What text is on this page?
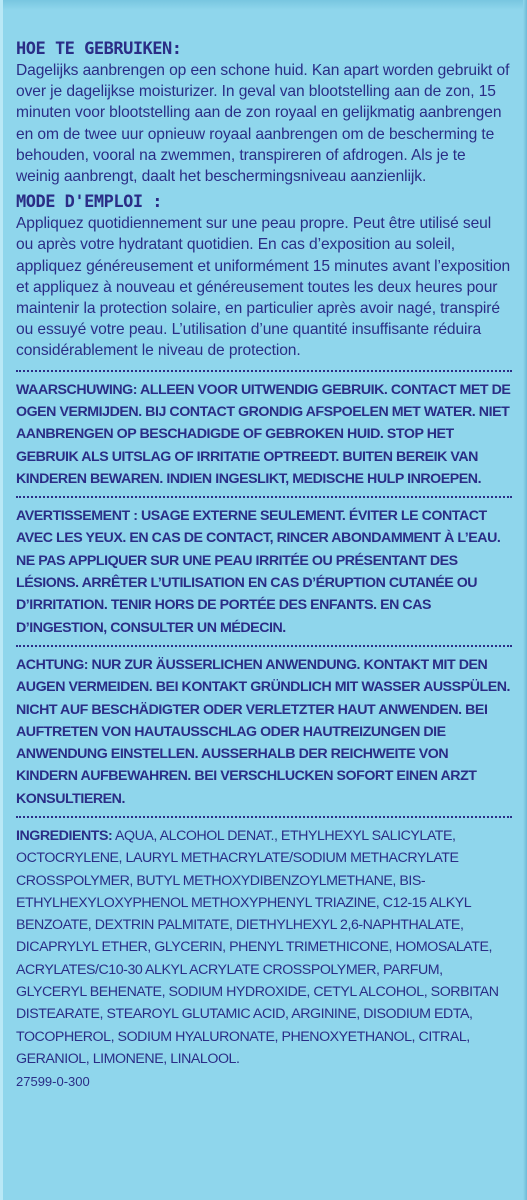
HOE TE GEBRUIKEN:

Dagelijks aanbrengen op een schone huid. Kan apart worden gebruikt of over je dagelijkse moisturizer. In geval van blootstelling aan de zon, 15 minuten voor blootstelling aan de zon royaal en gelijkmatig aanbrengen en om de twee uur opnieuw royaal aanbrengen om de bescherming te behouden, vooral na zwemmen, transpireren of afdrogen. Als je te weinig aanbrengt, daalt het beschermingsniveau aanzienlijk.

MODE D'EMPLOI :

Appliquez quotidiennement sur une peau propre. Peut être utilisé seul ou après votre hydratant quotidien. En cas d’exposition au soleil, appliquez généreusement et uniformément 15 minutes avant l’exposition et appliquez à nouveau et généreusement toutes les deux heures pour maintenir la protection solaire, en particulier après avoir nagé, transpiré ou essuyé votre peau. L’utilisation d’une quantité insuffisante réduira considérablement le niveau de protection.

WAARSCHUWING: ALLEEN VOOR UITWENDIG GEBRUIK. CONTACT MET DE OGEN VERMIJDEN. BIJ CONTACT GRONDIG AFSPOELEN MET WATER. NIET AANBRENGEN OP BESCHADIGDE OF GEBROKEN HUID. STOP HET GEBRUIK ALS UITSLAG OF IRRITATIE OPTREEDT. BUITEN BEREIK VAN KINDEREN BEWAREN. INDIEN INGESLIKT, MEDISCHE HULP INROEPEN.

AVERTISSEMENT : USAGE EXTERNE SEULEMENT. ÉVITER LE CONTACT AVEC LES YEUX. EN CAS DE CONTACT, RINCER ABONDAMMENT À L’EAU. NE PAS APPLIQUER SUR UNE PEAU IRRITÉE OU PRÉSENTANT DES LÉSIONS. ARRÊTER L’UTILISATION EN CAS D’ÉRUPTION CUTANÉE OU D’IRRITATION. TENIR HORS DE PORTÉE DES ENFANTS. EN CAS D’INGESTION, CONSULTER UN MÉDECIN.

ACHTUNG: NUR ZUR ÄUSSERLICHEN ANWENDUNG. KONTAKT MIT DEN AUGEN VERMEIDEN. BEI KONTAKT GRÜNDLICH MIT WASSER AUSSPÜLEN. NICHT AUF BESCHÄDIGTER ODER VERLETZTER HAUT ANWENDEN. BEI AUFTRETEN VON HAUTAUSSCHLAG ODER HAUTREIZUNGEN DIE ANWENDUNG EINSTELLEN. AUSSERHALB DER REICHWEITE VON KINDERN AUFBEWAHREN. BEI VERSCHLUCKEN SOFORT EINEN ARZT KONSULTIEREN.

INGREDIENTS: AQUA, ALCOHOL DENAT., ETHYLHEXYL SALICYLATE, OCTOCRYLENE, LAURYL METHACRYLATE/SODIUM METHACRYLATE CROSSPOLYMER, BUTYL METHOXYDIBENZOYLMETHANE, BIS-ETHYLHEXYLOXYPHENOL METHOXYPHENYL TRIAZINE, C12-15 ALKYL BENZOATE, DEXTRIN PALMITATE, DIETHYLHEXYL 2,6-NAPHTHALATE, DICAPRYLYL ETHER, GLYCERIN, PHENYL TRIMETHICONE, HOMOSALATE, ACRYLATES/C10-30 ALKYL ACRYLATE CROSSPOLYMER, PARFUM, GLYCERYL BEHENATE, SODIUM HYDROXIDE, CETYL ALCOHOL, SORBITAN DISTEARATE, STEAROYL GLUTAMIC ACID, ARGININE, DISODIUM EDTA, TOCOPHEROL, SODIUM HYALURONATE, PHENOXYETHANOL, CITRAL, GERANIOL, LIMONENE, LINALOOL.

27599-0-300
